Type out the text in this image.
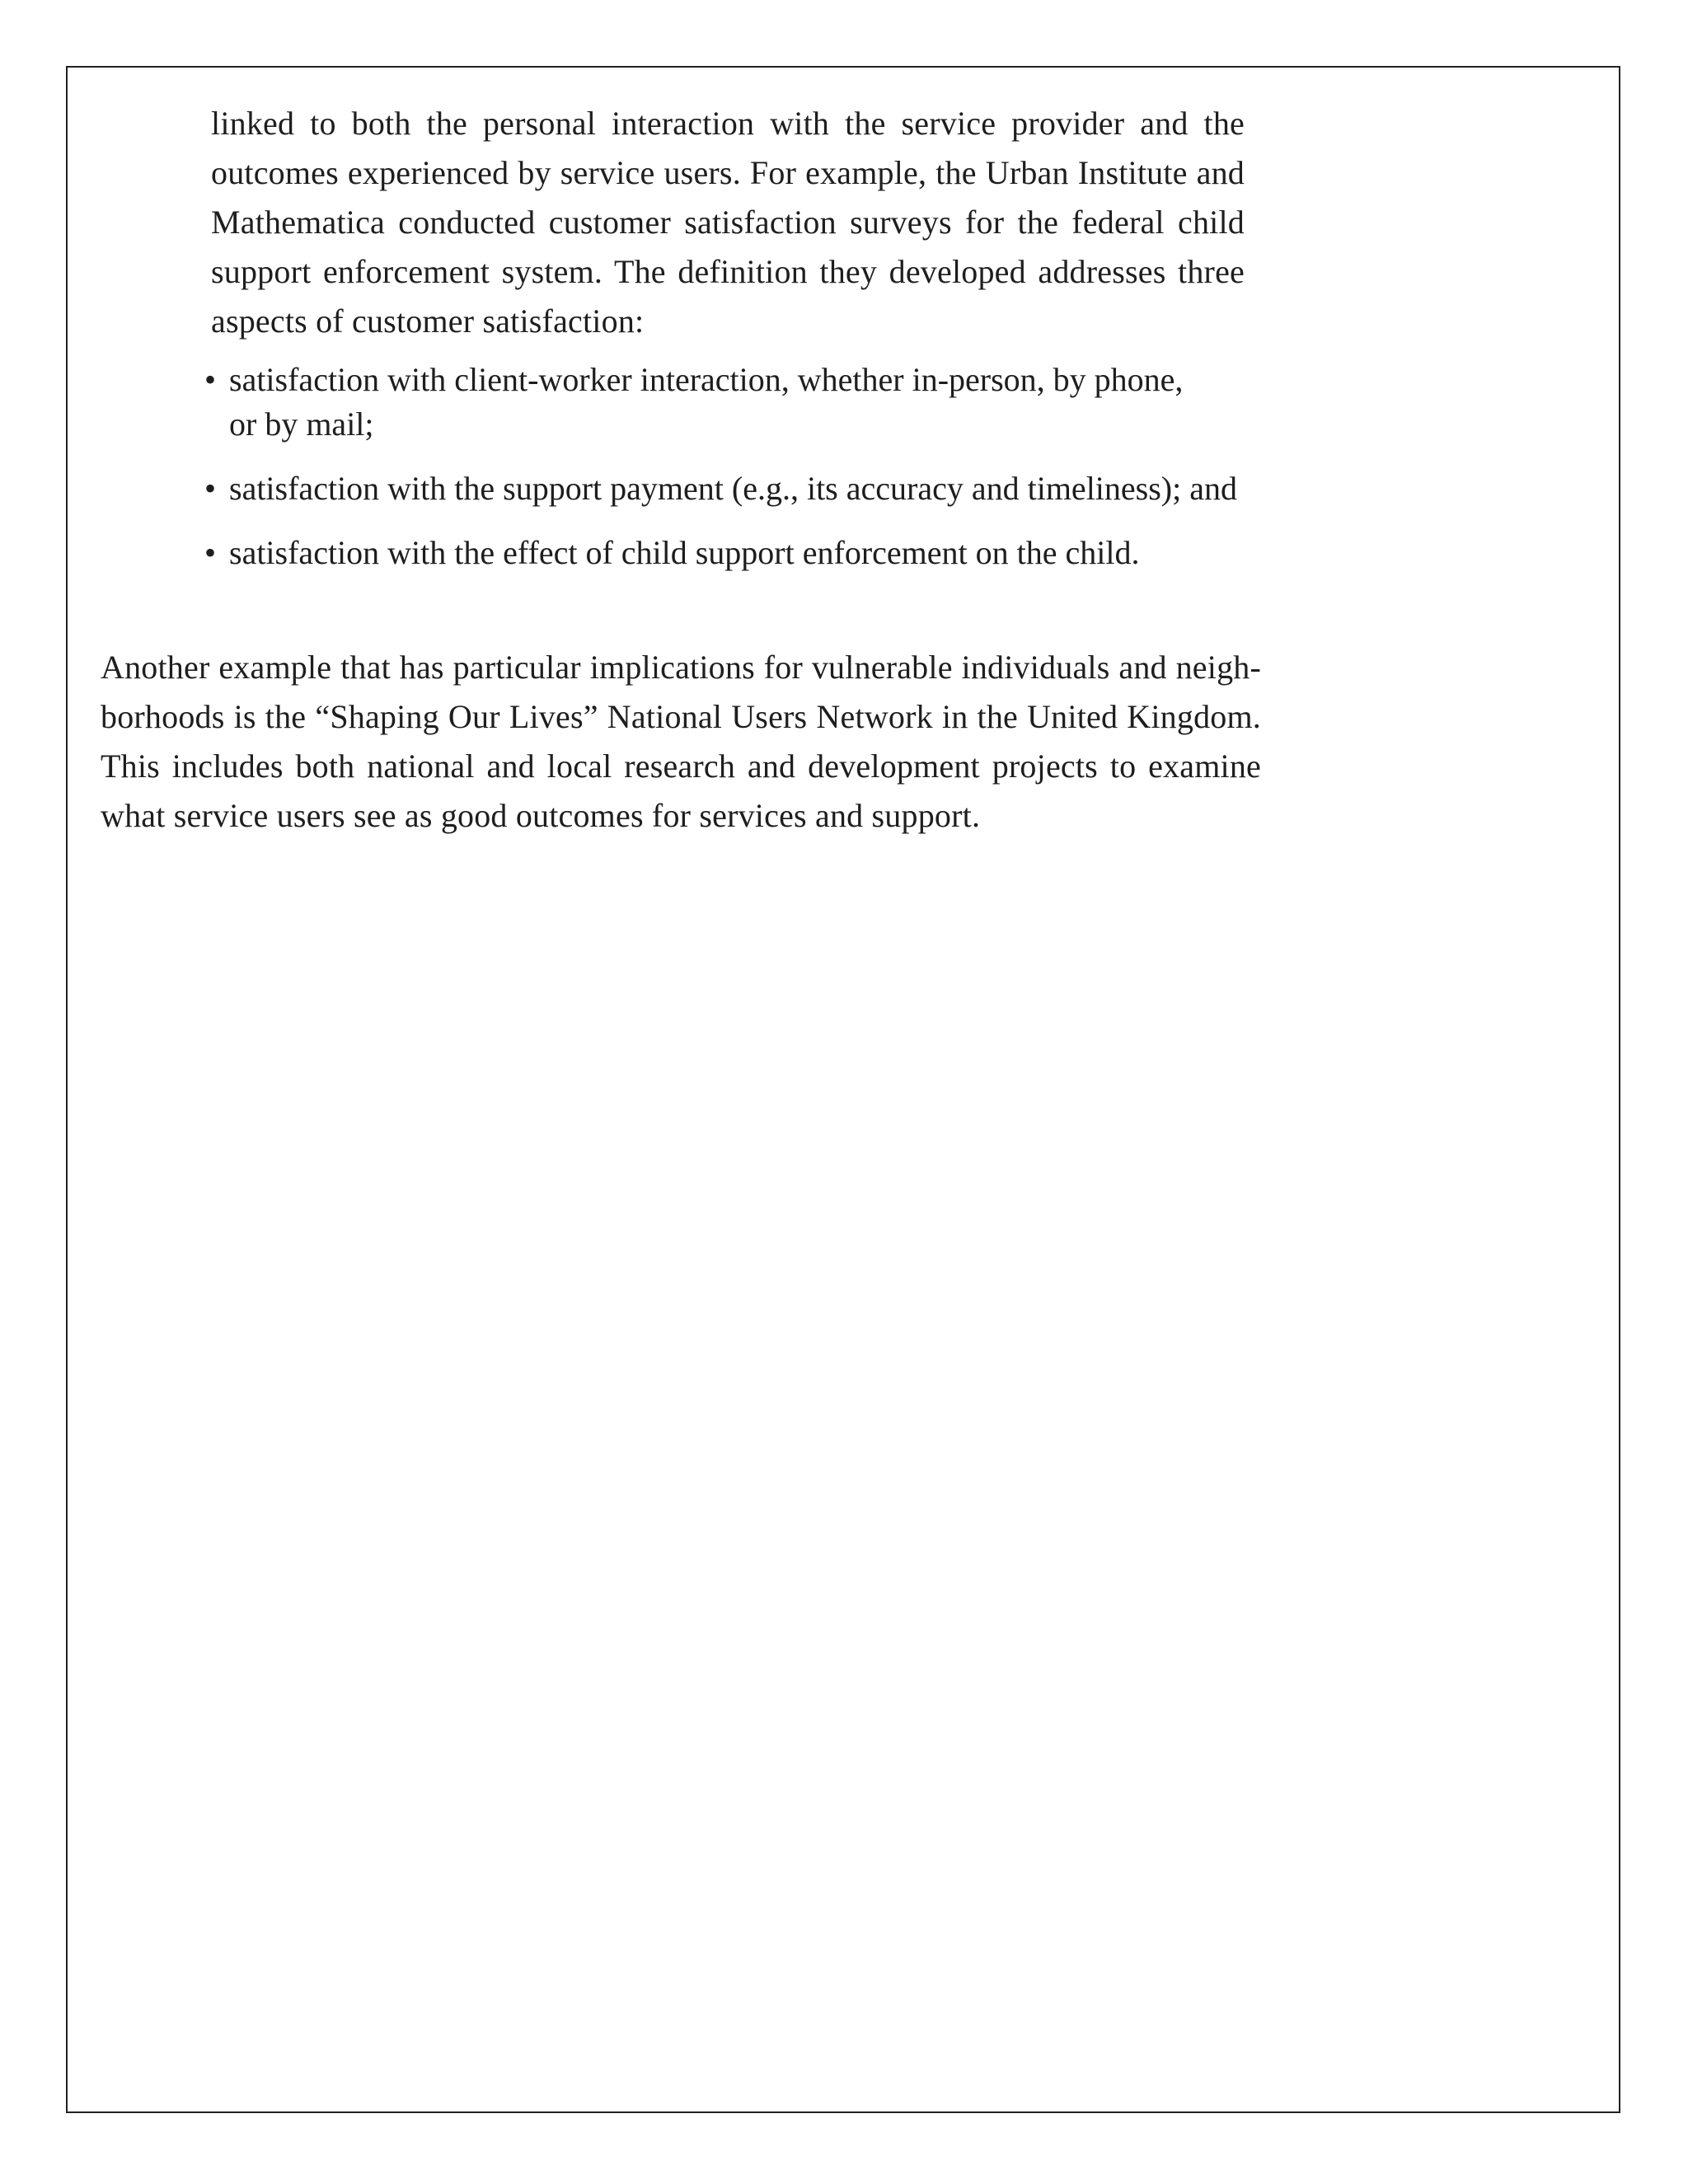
linked to both the personal interaction with the service provider and the outcomes experienced by service users. For example, the Urban Institute and Mathematica conducted customer satisfaction surveys for the federal child support enforcement system. The definition they developed addresses three aspects of customer satisfaction:

• satisfaction with client-worker interaction, whether in-person, by phone, or by mail;
• satisfaction with the support payment (e.g., its accuracy and timeliness); and
• satisfaction with the effect of child support enforcement on the child.

Another example that has particular implications for vulnerable individuals and neigh-borhoods is the “Shaping Our Lives” National Users Network in the United Kingdom. This includes both national and local research and development projects to examine what service users see as good outcomes for services and support.
